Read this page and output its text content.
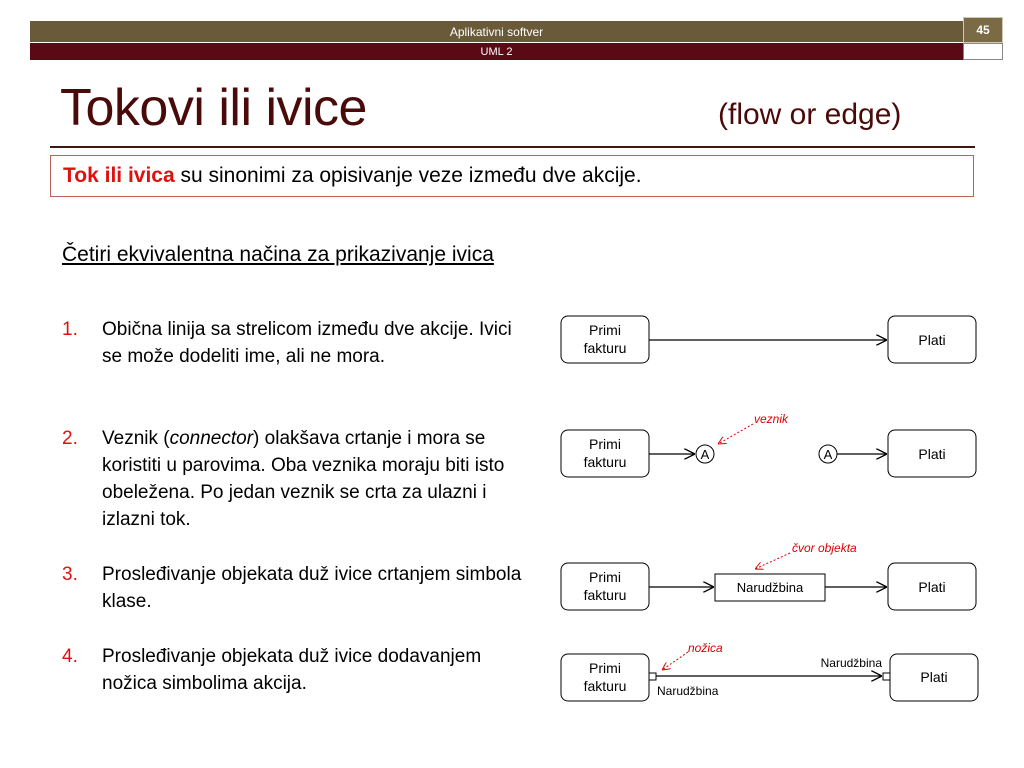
Aplikativni softver	45
UML 2
Tokovi ili ivice	(flow or edge)
Tok ili ivica su sinonimi za opisivanje veze između dve akcije.
Četiri ekvivalentna načina za prikazivanje ivica
1. Obična linija sa strelicom između dve akcije. Ivici se može dodeliti ime, ali ne mora.
2. Veznik (connector) olakšava crtanje i mora se koristiti u parovima. Oba veznika moraju biti isto obeležena. Po jedan veznik se crta za ulazni i izlazni tok.
3. Prosleđivanje objekata duž ivice crtanjem simbola klase.
4. Prosleđivanje objekata duž ivice dodavanjem nožica simbolima akcija.
Primi
fakturu	Plati
Primi
fakturu	A	A	Plati
veznik
Primi
fakturu	Narudžbina	Plati
čvor objekta
Primi
fakturu
Plati
Narudžbina
Narudžbina
nožica
